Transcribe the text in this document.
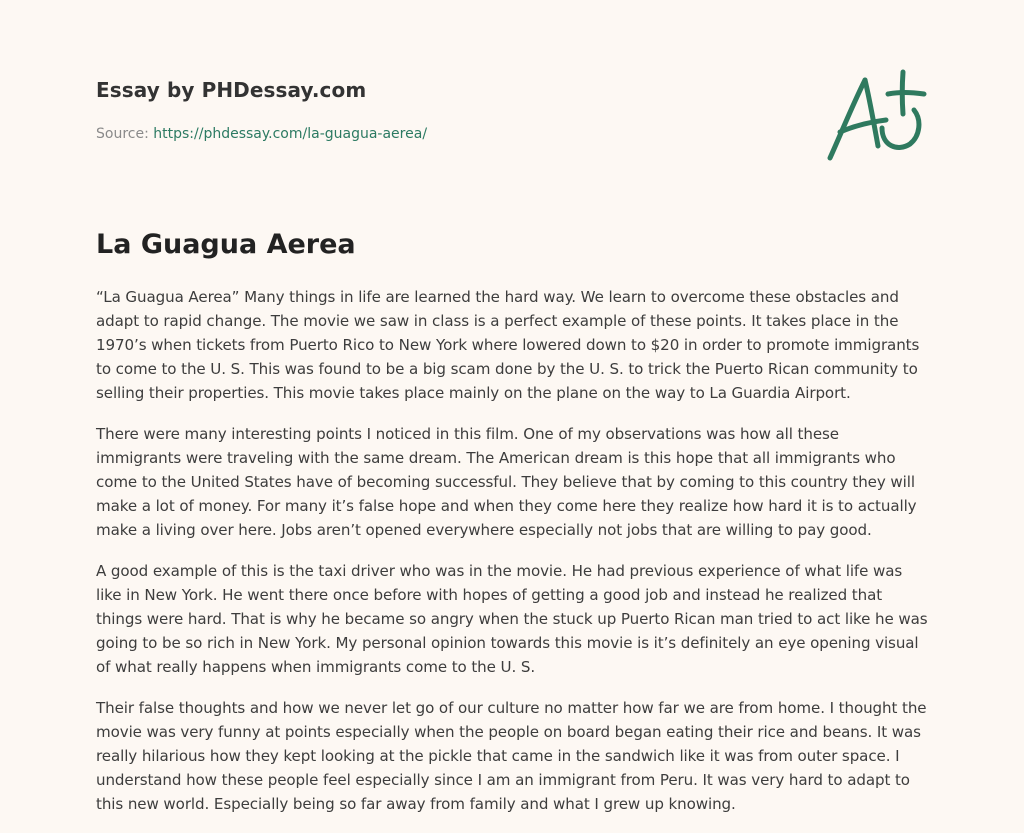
Essay by PHDessay.com
Source: https://phdessay.com/la-guagua-aerea/
La Guagua Aerea

“La Guagua Aerea” Many things in life are learned the hard way. We learn to overcome these obstacles and adapt to rapid change. The movie we saw in class is a perfect example of these points. It takes place in the 1970’s when tickets from Puerto Rico to New York where lowered down to $20 in order to promote immigrants to come to the U. S. This was found to be a big scam done by the U. S. to trick the Puerto Rican community to selling their properties. This movie takes place mainly on the plane on the way to La Guardia Airport.

There were many interesting points I noticed in this film. One of my observations was how all these immigrants were traveling with the same dream. The American dream is this hope that all immigrants who come to the United States have of becoming successful. They believe that by coming to this country they will make a lot of money. For many it’s false hope and when they come here they realize how hard it is to actually make a living over here. Jobs aren’t opened everywhere especially not jobs that are willing to pay good.

A good example of this is the taxi driver who was in the movie. He had previous experience of what life was like in New York. He went there once before with hopes of getting a good job and instead he realized that things were hard. That is why he became so angry when the stuck up Puerto Rican man tried to act like he was going to be so rich in New York. My personal opinion towards this movie is it’s definitely an eye opening visual of what really happens when immigrants come to the U. S.

Their false thoughts and how we never let go of our culture no matter how far we are from home. I thought the movie was very funny at points especially when the people on board began eating their rice and beans. It was really hilarious how they kept looking at the pickle that came in the sandwich like it was from outer space. I understand how these people feel especially since I am an immigrant from Peru. It was very hard to adapt to this new world. Especially being so far away from family and what I grew up knowing.
